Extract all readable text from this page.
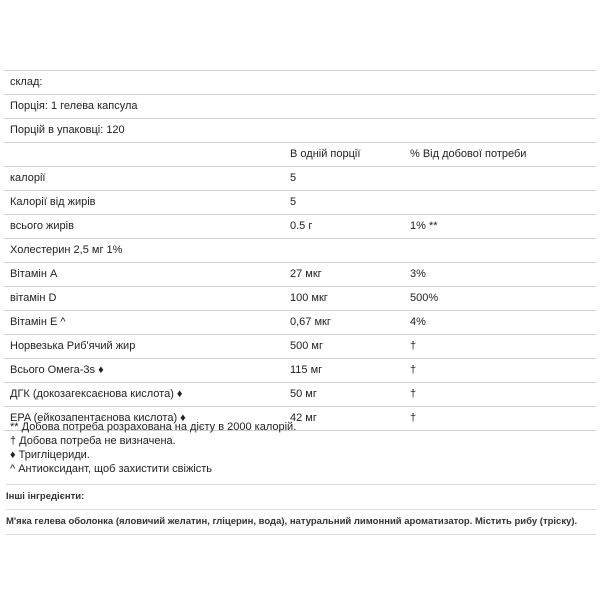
склад:		
Порція: 1 гелева капсула		
Порцій в упаковці: 120		
	В одній порції	% Від добової потреби
калорії	5	
Калорії від жирів	5	
всього жирів	0.5 г	1% **
Холестерин 2,5 мг 1%		
Вітамін А	27 мкг	3%
вітамін D	100 мкг	500%
Вітамін Е ^	0,67 мкг	4%
Норвезька Риб'ячий жир	500 мг	†
Всього Омега-3s ♦	115 мг	†
ДГК (докозагексаєнова кислота) ♦	50 мг	†
EPA (ейкозапентаєнова кислота) ♦	42 мг	†
** Добова потреба розрахована на дієту в 2000 калорій.
† Добова потреба не визначена.
♦ Тригліцериди.
^ Антиоксидант, щоб захистити свіжість
Інші інгредієнти:
М'яка гелева оболонка (яловичий желатин, гліцерин, вода), натуральний лимонний ароматизатор. Містить рибу (тріску).
